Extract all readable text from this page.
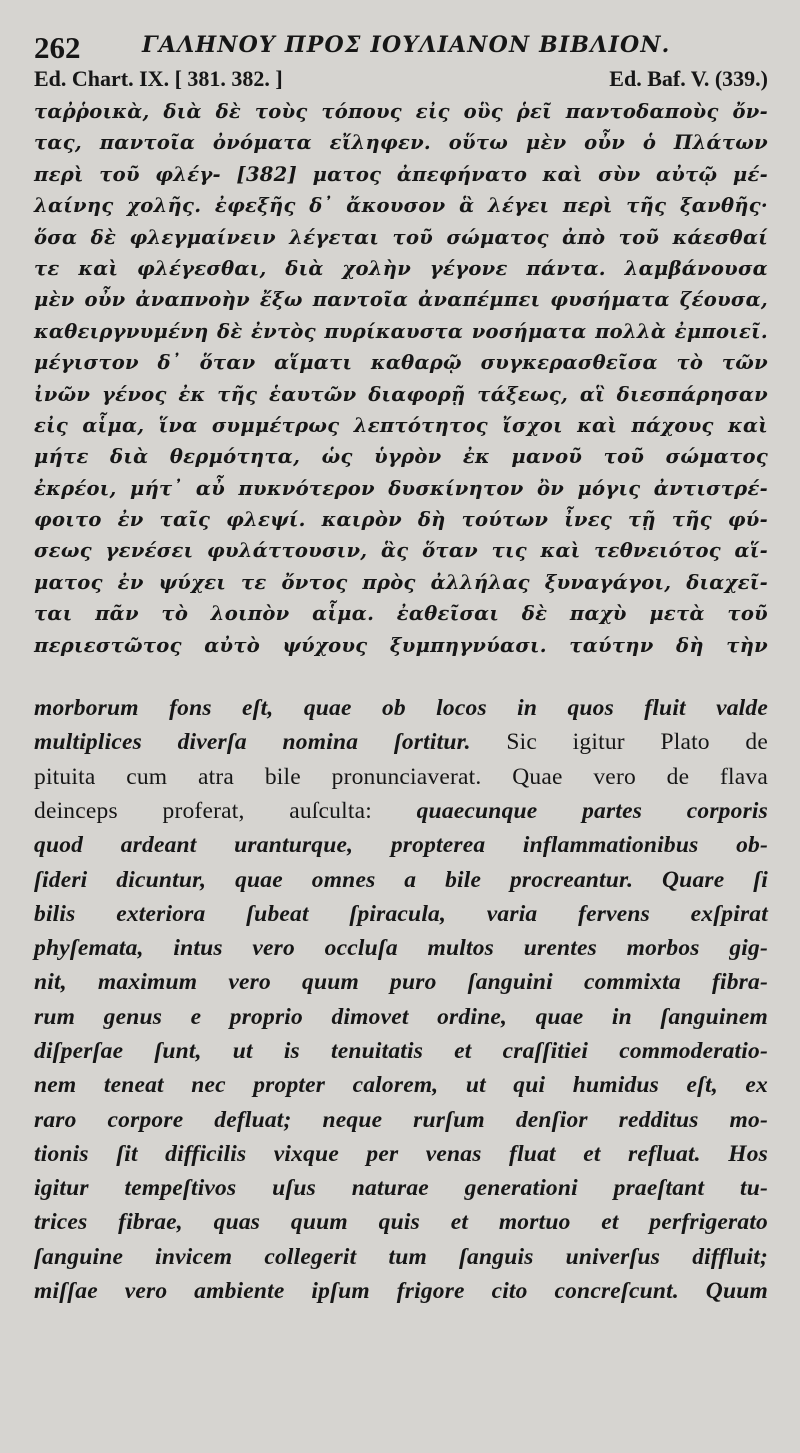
262	ΓΑΛΗΝΟΥ ΠΡΟΣ ΙΟΥΛΙΑΝΟΝ ΒΙΒΛΙΟΝ.
Ed. Chart. IX. [ 381. 382. ]	Ed. Baf. V. (339.)
ταῤῥοικὰ, διὰ δὲ τοὺς τόπους εἰς οὓς ῥεῖ παντοδαποὺς ὄν-
τας, παντοῖα ὀνόματα εἴληφεν. οὕτω μὲν οὖν ὁ Πλάτων
περὶ τοῦ φλέγ- [382] ματος ἀπεφήνατο καὶ σὺν αὐτῷ μέ-
λαίνης χολῆς. ἐφεξῆς δ᾽ ἄκουσον ἃ λέγει περὶ τῆς ξανθῆς·
ὅσα δὲ φλεγμαίνειν λέγεται τοῦ σώματος ἀπὸ τοῦ κάεσθαί
τε καὶ φλέγεσθαι, διὰ χολὴν γέγονε πάντα. λαμβάνουσα
μὲν οὖν ἀναπνοὴν ἔξω παντοῖα ἀναπέμπει φυσήματα ζέουσα,
καθειργνυμένη δὲ ἐντὸς πυρίκαυστα νοσήματα πολλὰ ἐμποιεῖ.
μέγιστον δ᾽ ὅταν αἵματι καθαρῷ συγκερασθεῖσα τὸ τῶν
ἰνῶν γένος ἐκ τῆς ἑαυτῶν διαφορῇ τάξεως, αἳ διεσπάρησαν
εἰς αἷμα, ἵνα συμμέτρως λεπτότητος ἴσχοι καὶ πάχους καὶ
μήτε διὰ θερμότητα, ὡς ὑγρὸν ἐκ μανοῦ τοῦ σώματος
ἐκρέοι, μήτ᾽ αὖ πυκνότερον δυσκίνητον ὂν μόγις ἀντιστρέ-
φοιτο ἐν ταῖς φλεψί. καιρὸν δὴ τούτων ἶνες τῇ τῆς φύ-
σεως γενέσει φυλάττουσιν, ἃς ὅταν τις καὶ τεθνειότος αἵ-
ματος ἐν ψύχει τε ὄντος πρὸς ἀλλήλας ξυναγάγοι, διαχεῖ-
ται πᾶν τὸ λοιπὸν αἷμα. ἐαθεῖσαι δὲ παχὺ μετὰ τοῦ
περιεστῶτος αὐτὸ ψύχους ξυμπηγνύασι. ταύτην δὴ τὴν
morborum fons eſt, quae ob locos in quos fluit valde
multiplices diverſa nomina ſortitur. Sic igitur Plato de
pituita cum atra bile pronunciaverat. Quae vero de flava
deinceps proferat, auſculta: quaecunque partes corporis
quod ardeant uranturque, propterea inflammationibus ob-
ſideri dicuntur, quae omnes a bile procreantur. Quare ſi
bilis exteriora ſubeat ſpiracula, varia fervens exſpirat
phyſemata, intus vero occluſa multos urentes morbos gig-
nit, maximum vero quum puro ſanguini commixta fibra-
rum genus e proprio dimovet ordine, quae in ſanguinem
diſperſae ſunt, ut is tenuitatis et craſſitiei commoderatio-
nem teneat nec propter calorem, ut qui humidus eſt, ex
raro corpore defluat; neque rurſum denſior redditus mo-
tionis ſit difficilis vixque per venas fluat et refluat. Hos
igitur tempeſtivos uſus naturae generationi praeſtant tu-
trices fibrae, quas quum quis et mortuo et perfrigerato
ſanguine invicem collegerit tum ſanguis univerſus diffluit;
miſſae vero ambiente ipſum frigore cito concreſcunt. Quum
